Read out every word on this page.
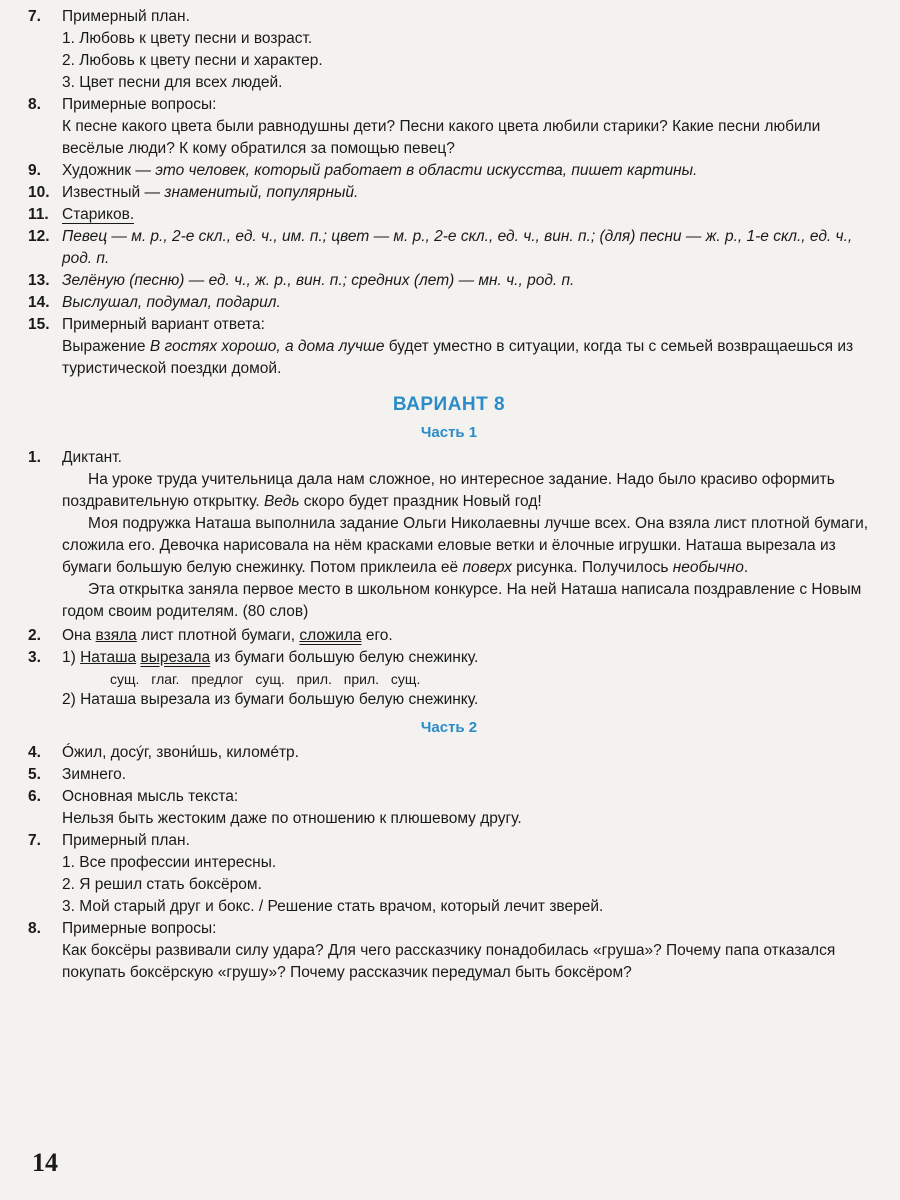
7.	Примерный план.
1. Любовь к цвету песни и возраст.
2. Любовь к цвету песни и характер.
3. Цвет песни для всех людей.
8.	Примерные вопросы:
К песне какого цвета были равнодушны дети? Песни какого цвета любили старики? Какие песни любили весёлые люди? К кому обратился за помощью певец?
9.	Художник — это человек, который работает в области искусства, пишет картины.
10. Известный — знаменитый, популярный.
11. Стариков.
12. Певец — м. р., 2-е скл., ед. ч., им. п.; цвет — м. р., 2-е скл., ед. ч., вин. п.; (для) песни — ж. р., 1-е скл., ед. ч., род. п.
13. Зелёную (песню) — ед. ч., ж. р., вин. п.; средних (лет) — мн. ч., род. п.
14. Выслушал, подумал, подарил.
15. Примерный вариант ответа:
Выражение В гостях хорошо, а дома лучше будет уместно в ситуации, когда ты с семьей возвращаешься из туристической поездки домой.
ВАРИАНТ 8
Часть 1
1.	Диктант.
На уроке труда учительница дала нам сложное, но интересное задание. Надо было красиво оформить поздравительную открытку. Ведь скоро будет праздник Новый год!
Моя подружка Наташа выполнила задание Ольги Николаевны лучше всех. Она взяла лист плотной бумаги, сложила его. Девочка нарисовала на нём красками еловые ветки и ёлочные игрушки. Наташа вырезала из бумаги большую белую снежинку. Потом приклеила её поверх рисунка. Получилось необычно.
Эта открытка заняла первое место в школьном конкурсе. На ней Наташа написала поздравление с Новым годом своим родителям. (80 слов)
2.	Она взяла лист плотной бумаги, сложила его.
3.	1) Наташа вырезала из бумаги большую белую снежинку.
сущ. глаг. предлог сущ. прил. прил. сущ.
2) Наташа вырезала из бумаги большую белую снежинку.
Часть 2
4.	Óжил, досýг, звони́шь, киломéтр.
5.	Зимнего.
6.	Основная мысль текста:
Нельзя быть жестоким даже по отношению к плюшевому другу.
7.	Примерный план.
1. Все профессии интересны.
2. Я решил стать боксёром.
3. Мой старый друг и бокс. / Решение стать врачом, который лечит зверей.
8.	Примерные вопросы:
Как боксёры развивали силу удара? Для чего рассказчику понадобилась «груша»? Почему папа отказался покупать боксёрскую «грушу»? Почему рассказчик передумал быть боксёром?
14
